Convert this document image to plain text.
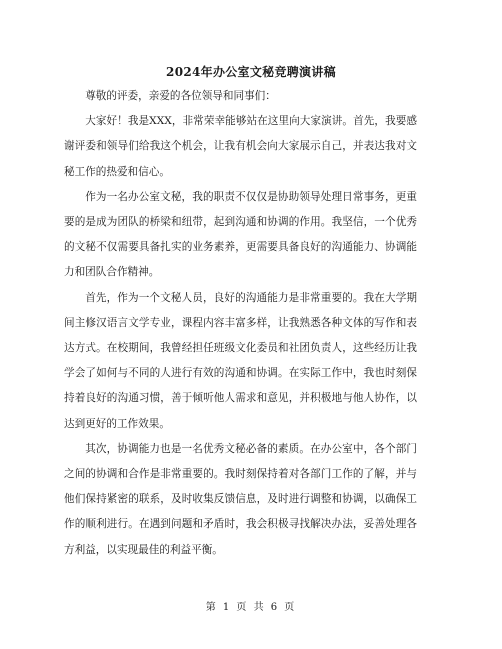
2024年办公室文秘竞聘演讲稿

尊敬的评委，亲爱的各位领导和同事们：

大家好！我是XXX，非常荣幸能够站在这里向大家演讲。首先，我要感谢评委和领导们给我这个机会，让我有机会向大家展示自己，并表达我对文秘工作的热爱和信心。

作为一名办公室文秘，我的职责不仅仅是协助领导处理日常事务，更重要的是成为团队的桥梁和纽带，起到沟通和协调的作用。我坚信，一个优秀的文秘不仅需要具备扎实的业务素养，更需要具备良好的沟通能力、协调能力和团队合作精神。

首先，作为一个文秘人员，良好的沟通能力是非常重要的。我在大学期间主修汉语言文学专业，课程内容丰富多样，让我熟悉各种文体的写作和表达方式。在校期间，我曾经担任班级文化委员和社团负责人，这些经历让我学会了如何与不同的人进行有效的沟通和协调。在实际工作中，我也时刻保持着良好的沟通习惯，善于倾听他人需求和意见，并积极地与他人协作，以达到更好的工作效果。

其次，协调能力也是一名优秀文秘必备的素质。在办公室中，各个部门之间的协调和合作是非常重要的。我时刻保持着对各部门工作的了解，并与他们保持紧密的联系，及时收集反馈信息，及时进行调整和协调，以确保工作的顺利进行。在遇到问题和矛盾时，我会积极寻找解决办法，妥善处理各方利益，以实现最佳的利益平衡。

第 1 页 共 6 页
